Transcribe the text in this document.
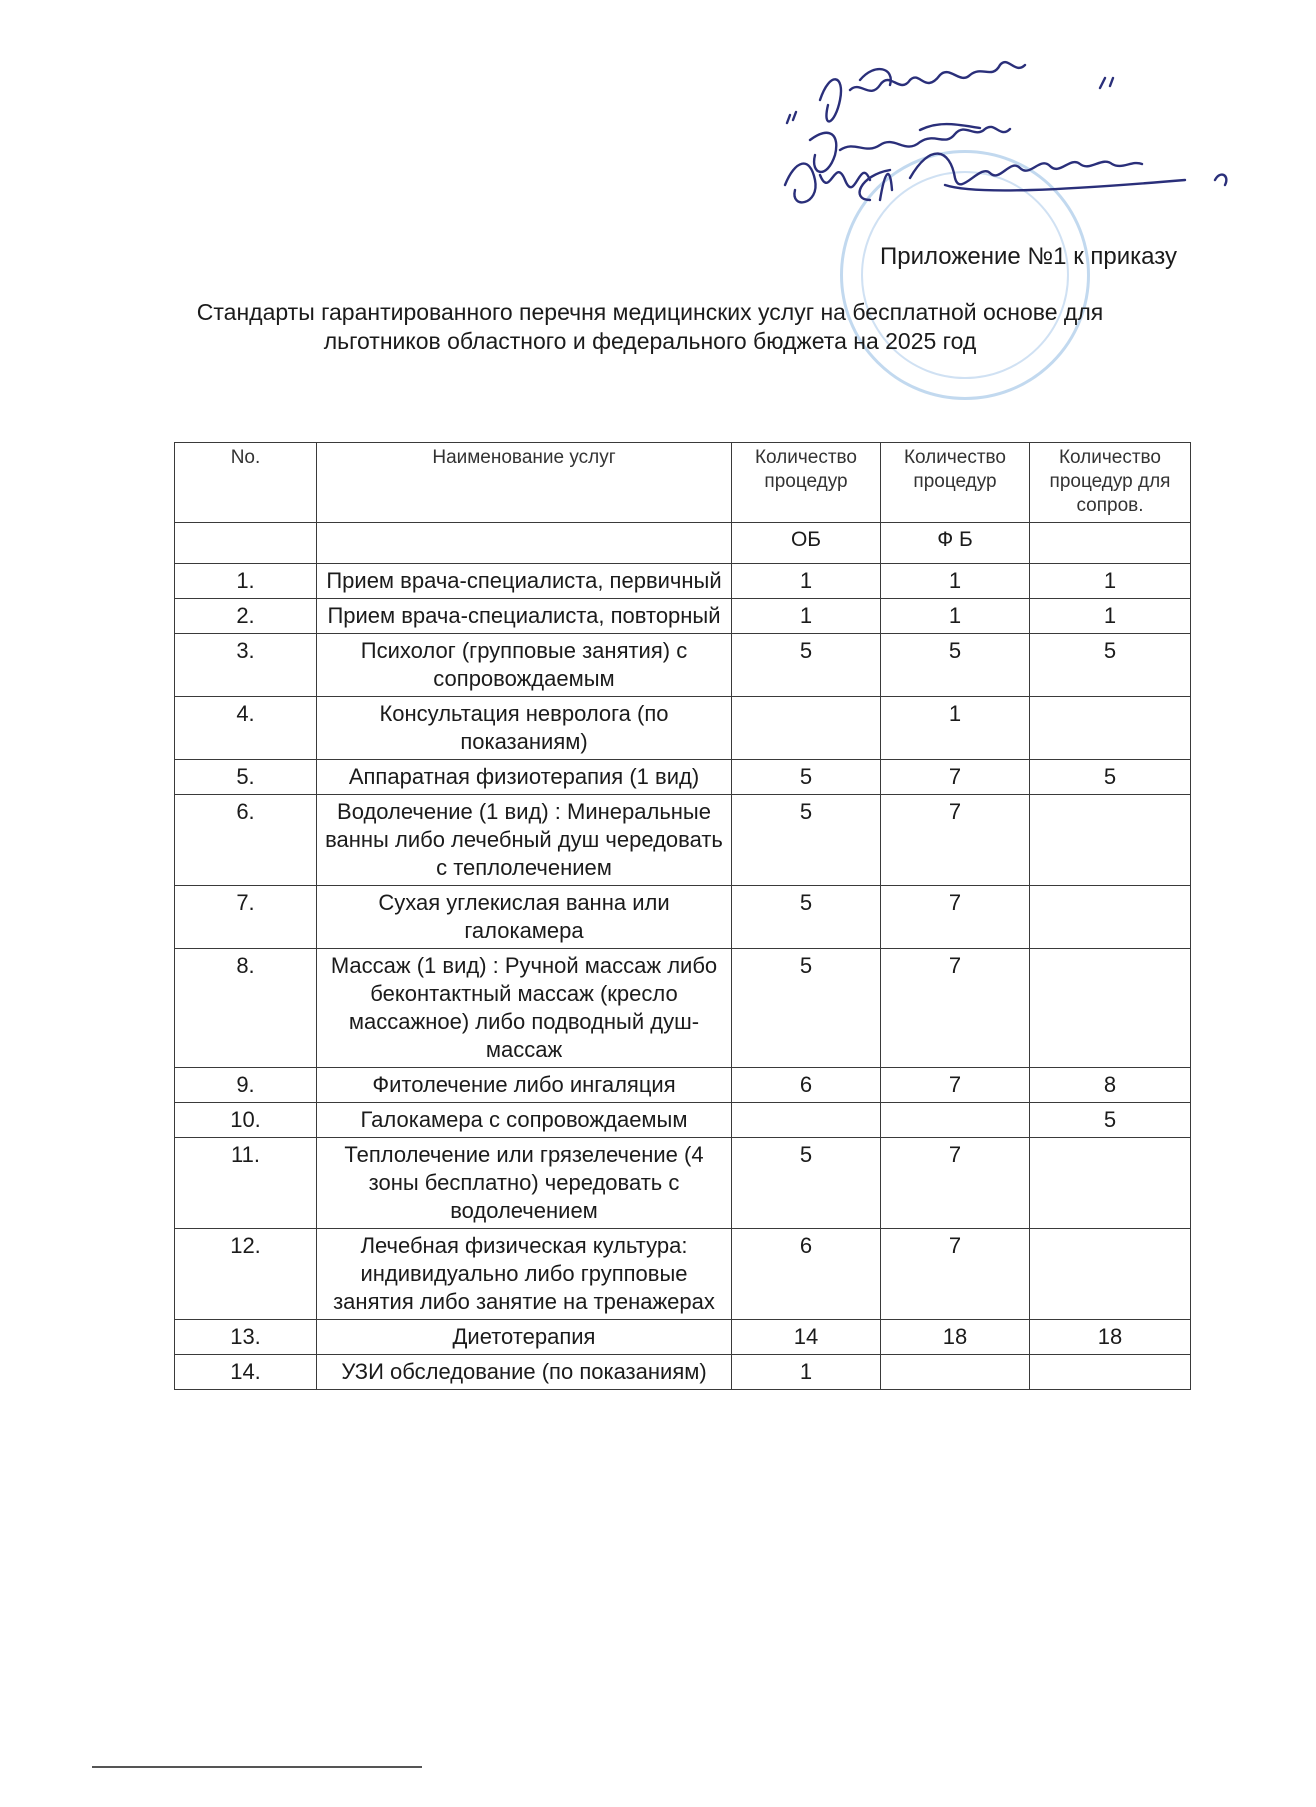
Приложение №1 к приказу
Стандарты гарантированного перечня медицинских услуг на бесплатной основе для льготников областного и федерального бюджета на 2025 год
No.	Наименование услуг	Количество процедур	Количество процедур	Количество процедур для сопров.
		ОБ	Ф Б	
1.	Прием врача-специалиста, первичный	1	1	1
2.	Прием врача-специалиста, повторный	1	1	1
3.	Психолог (групповые занятия) с сопровождаемым	5	5	5
4.	Консультация невролога (по показаниям)		1	
5.	Аппаратная физиотерапия (1 вид)	5	7	5
6.	Водолечение (1 вид) : Минеральные ванны либо лечебный душ чередовать с теплолечением	5	7	
7.	Сухая углекислая ванна или галокамера	5	7	
8.	Массаж (1 вид) : Ручной массаж либо беконтактный массаж (кресло массажное) либо подводный душ-массаж	5	7	
9.	Фитолечение либо ингаляция	6	7	8
10.	Галокамера с сопровождаемым			5
11.	Теплолечение или грязелечение (4 зоны бесплатно) чередовать с водолечением	5	7	
12.	Лечебная физическая культура: индивидуально либо групповые занятия либо занятие на тренажерах	6	7	
13.	Диетотерапия	14	18	18
14.	УЗИ обследование (по показаниям)	1		
